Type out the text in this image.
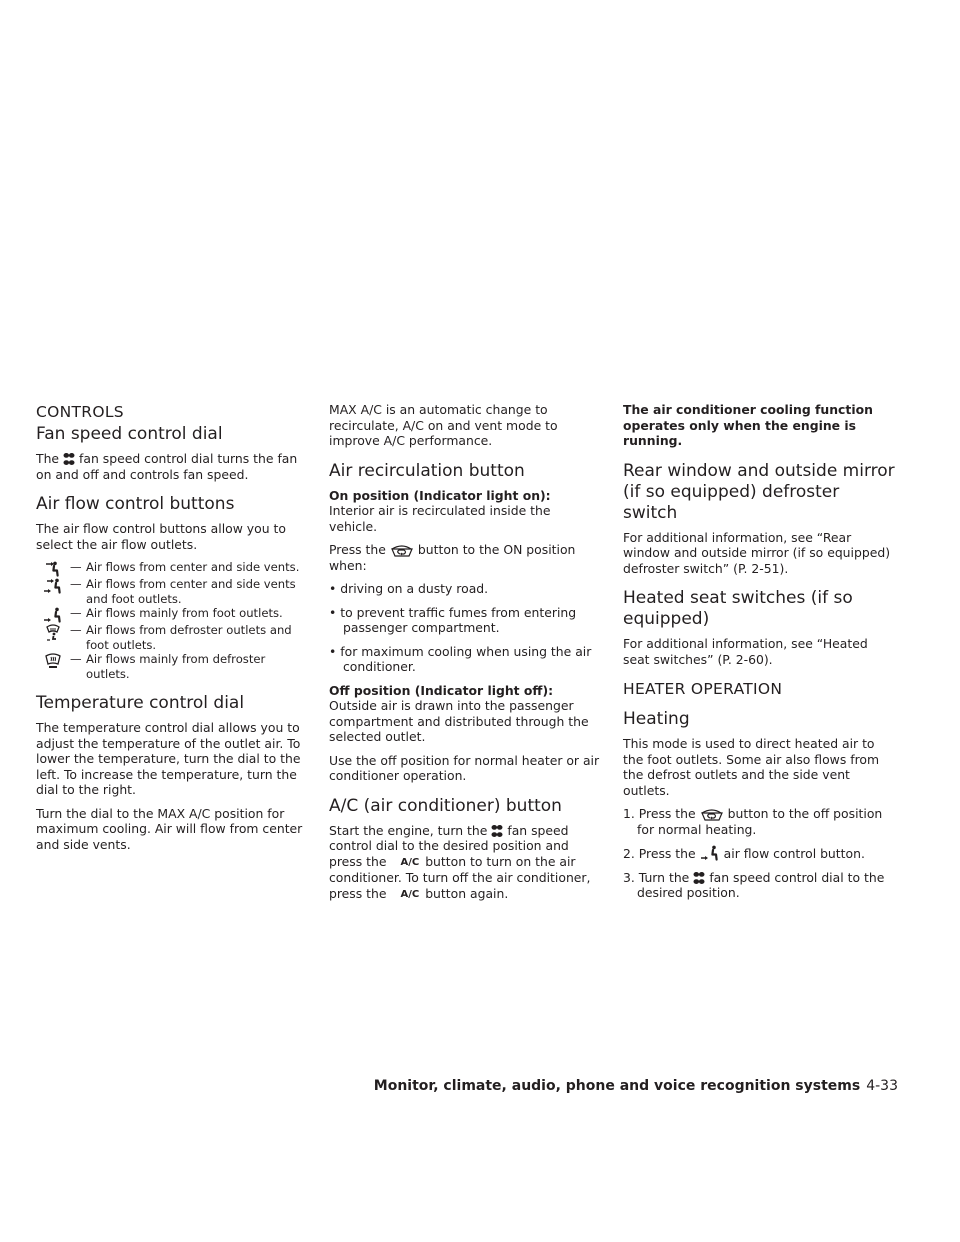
CONTROLS
Fan speed control dial

The fan speed control dial turns the fan on and off and controls fan speed.

Air flow control buttons

The air flow control buttons allow you to select the air flow outlets.

— Air flows from center and side vents.
— Air flows from center and side vents and foot outlets.
— Air flows mainly from foot outlets.
— Air flows from defroster outlets and foot outlets.
— Air flows mainly from defroster outlets.
Temperature control dial

The temperature control dial allows you to adjust the temperature of the outlet air. To lower the temperature, turn the dial to the left. To increase the temperature, turn the dial to the right.

Turn the dial to the MAX A/C position for maximum cooling. Air will flow from center and side vents.

MAX A/C is an automatic change to recirculate, A/C on and vent mode to improve A/C performance.

Air recirculation button

On position (Indicator light on):

Interior air is recirculated inside the vehicle.

Press the	button to the ON position when:

• driving on a dusty road.

• to prevent traffic fumes from entering passenger compartment.

• for maximum cooling when using the air conditioner.

Off position (Indicator light off):

Outside air is drawn into the passenger compartment and distributed through the selected outlet.

Use the off position for normal heater or air conditioner operation.

A/C (air conditioner) button

Start the engine, turn the fan speed control dial to the desired position and press the A/C button to turn on the air conditioner. To turn off the air conditioner, press the A/C button again.

The air conditioner cooling function operates only when the engine is running.

Rear window and outside mirror (if so equipped) defroster switch

For additional information, see “Rear window and outside mirror (if so equipped) defroster switch” (P. 2-51).

Heated seat switches (if so equipped)

For additional information, see “Heated seat switches” (P. 2-60).

HEATER OPERATION
Heating

This mode is used to direct heated air to the foot outlets. Some air also flows from the defrost outlets and the side vent outlets.

1. Press the	button to the off position for normal heating.

2. Press the air flow control button.

3. Turn the fan speed control dial to the desired position.

Monitor, climate, audio, phone and voice recognition systems 4-33
